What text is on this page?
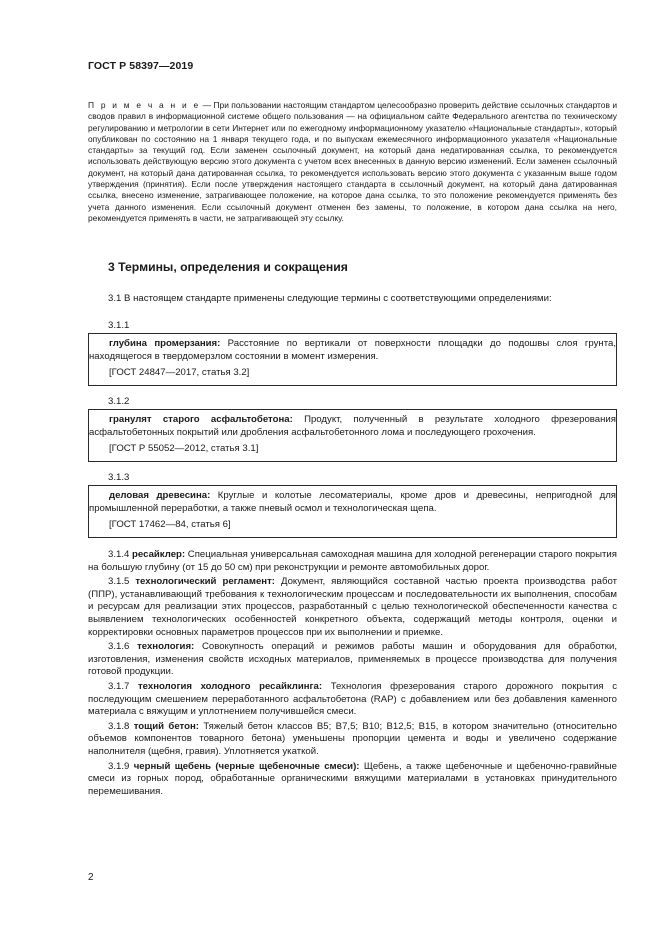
ГОСТ Р 58397—2019
П р и м е ч а н и е — При пользовании настоящим стандартом целесообразно проверить действие ссылочных стандартов и сводов правил в информационной системе общего пользования — на официальном сайте Федерального агентства по техническому регулированию и метрологии в сети Интернет или по ежегодному информационному указателю «Национальные стандарты», который опубликован по состоянию на 1 января текущего года, и по выпускам ежемесячного информационного указателя «Национальные стандарты» за текущий год. Если заменен ссылочный документ, на который дана недатированная ссылка, то рекомендуется использовать действующую версию этого документа с учетом всех внесенных в данную версию изменений. Если заменен ссылочный документ, на который дана датированная ссылка, то рекомендуется использовать версию этого документа с указанным выше годом утверждения (принятия). Если после утверждения настоящего стандарта в ссылочный документ, на который дана датированная ссылка, внесено изменение, затрагивающее положение, на которое дана ссылка, то это положение рекомендуется применять без учета данного изменения. Если ссылочный документ отменен без замены, то положение, в котором дана ссылка на него, рекомендуется применять в части, не затрагивающей эту ссылку.
3 Термины, определения и сокращения
3.1 В настоящем стандарте применены следующие термины с соответствующими определениями:
3.1.1
глубина промерзания: Расстояние по вертикали от поверхности площадки до подошвы слоя грунта, находящегося в твердомерзлом состоянии в момент измерения.
[ГОСТ 24847—2017, статья 3.2]
3.1.2
гранулят старого асфальтобетона: Продукт, полученный в результате холодного фрезерования асфальтобетонных покрытий или дробления асфальтобетонного лома и последующего грохочения.
[ГОСТ Р 55052—2012, статья 3.1]
3.1.3
деловая древесина: Круглые и колотые лесоматериалы, кроме дров и древесины, непригодной для промышленной переработки, а также пневый осмол и технологическая щепа.
[ГОСТ 17462—84, статья 6]

3.1.4 ресайклер: Специальная универсальная самоходная машина для холодной регенерации старого покрытия на большую глубину (от 15 до 50 см) при реконструкции и ремонте автомобильных дорог.

3.1.5 технологический регламент: Документ, являющийся составной частью проекта производства работ (ППР), устанавливающий требования к технологическим процессам и последовательности их выполнения, способам и ресурсам для реализации этих процессов, разработанный с целью технологической обеспеченности качества с выявлением технологических особенностей конкретного объекта, содержащий методы контроля, оценки и корректировки основных параметров процессов при их выполнении и приемке.

3.1.6 технология: Совокупность операций и режимов работы машин и оборудования для обработки, изготовления, изменения свойств исходных материалов, применяемых в процессе производства для получения готовой продукции.

3.1.7 технология холодного ресайклинга: Технология фрезерования старого дорожного покрытия с последующим смешением переработанного асфальтобетона (RAP) с добавлением или без добавления каменного материала с вяжущим и уплотнением получившейся смеси.

3.1.8 тощий бетон: Тяжелый бетон классов B5; B7,5; B10; B12,5; B15, в котором значительно (относительно объемов компонентов товарного бетона) уменьшены пропорции цемента и воды и увеличено содержание наполнителя (щебня, гравия). Уплотняется укаткой.

3.1.9 черный щебень (черные щебеночные смеси): Щебень, а также щебеночные и щебеночно-гравийные смеси из горных пород, обработанные органическими вяжущими материалами в установках принудительного перемешивания.

2
